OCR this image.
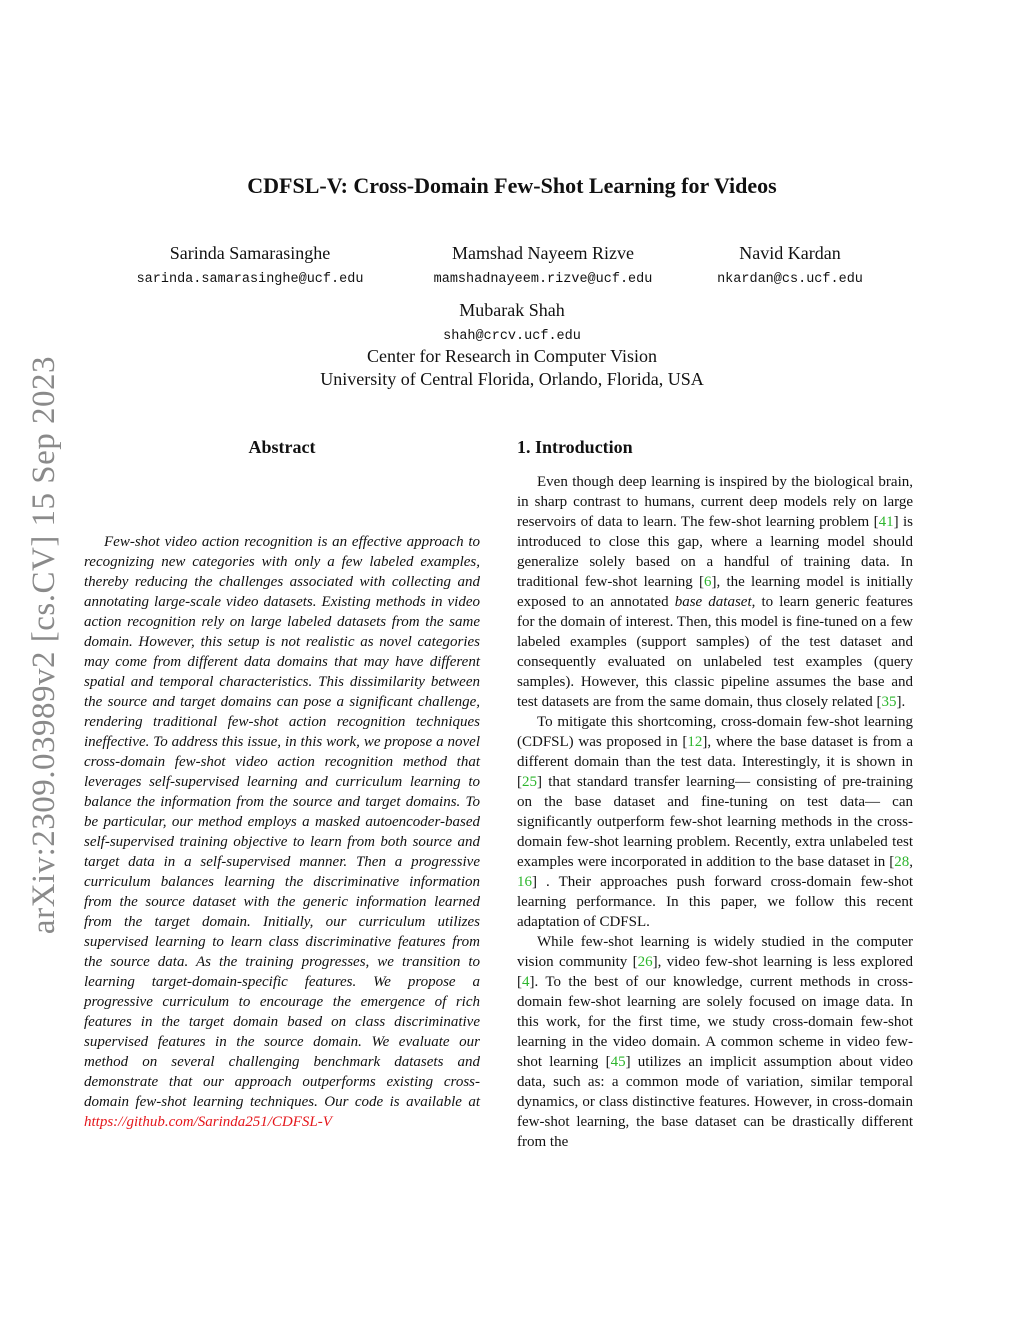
arXiv:2309.03989v2 [cs.CV] 15 Sep 2023
CDFSL-V: Cross-Domain Few-Shot Learning for Videos
Sarinda Samarasinghe
sarinda.samarasinghe@ucf.edu
Mamshad Nayeem Rizve
mamshadnayeem.rizve@ucf.edu
Navid Kardan
nkardan@cs.ucf.edu
Mubarak Shah
shah@crcv.ucf.edu
Center for Research in Computer Vision
University of Central Florida, Orlando, Florida, USA
Abstract
Few-shot video action recognition is an effective approach to recognizing new categories with only a few labeled examples, thereby reducing the challenges associated with collecting and annotating large-scale video datasets. Existing methods in video action recognition rely on large labeled datasets from the same domain. However, this setup is not realistic as novel categories may come from different data domains that may have different spatial and temporal characteristics. This dissimilarity between the source and target domains can pose a significant challenge, rendering traditional few-shot action recognition techniques ineffective. To address this issue, in this work, we propose a novel cross-domain few-shot video action recognition method that leverages self-supervised learning and curriculum learning to balance the information from the source and target domains. To be particular, our method employs a masked autoencoder-based self-supervised training objective to learn from both source and target data in a self-supervised manner. Then a progressive curriculum balances learning the discriminative information from the source dataset with the generic information learned from the target domain. Initially, our curriculum utilizes supervised learning to learn class discriminative features from the source data. As the training progresses, we transition to learning target-domain-specific features. We propose a progressive curriculum to encourage the emergence of rich features in the target domain based on class discriminative supervised features in the source domain. We evaluate our method on several challenging benchmark datasets and demonstrate that our approach outperforms existing cross-domain few-shot learning techniques. Our code is available at https://github.com/Sarinda251/CDFSL-V
1. Introduction

Even though deep learning is inspired by the biological brain, in sharp contrast to humans, current deep models rely on large reservoirs of data to learn. The few-shot learning problem [41] is introduced to close this gap, where a learning model should generalize solely based on a handful of training data. In traditional few-shot learning [6], the learning model is initially exposed to an annotated base dataset, to learn generic features for the domain of interest. Then, this model is fine-tuned on a few labeled examples (support samples) of the test dataset and consequently evaluated on unlabeled test examples (query samples). However, this classic pipeline assumes the base and test datasets are from the same domain, thus closely related [35].

To mitigate this shortcoming, cross-domain few-shot learning (CDFSL) was proposed in [12], where the base dataset is from a different domain than the test data. Interestingly, it is shown in [25] that standard transfer learning— consisting of pre-training on the base dataset and fine-tuning on test data— can significantly outperform few-shot learning methods in the cross-domain few-shot learning problem. Recently, extra unlabeled test examples were incorporated in addition to the base dataset in [28, 16] . Their approaches push forward cross-domain few-shot learning performance. In this paper, we follow this recent adaptation of CDFSL.

While few-shot learning is widely studied in the computer vision community [26], video few-shot learning is less explored [4]. To the best of our knowledge, current methods in cross-domain few-shot learning are solely focused on image data. In this work, for the first time, we study cross-domain few-shot learning in the video domain. A common scheme in video few-shot learning [45] utilizes an implicit assumption about video data, such as: a common mode of variation, similar temporal dynamics, or class distinctive features. However, in cross-domain few-shot learning, the base dataset can be drastically different from the
